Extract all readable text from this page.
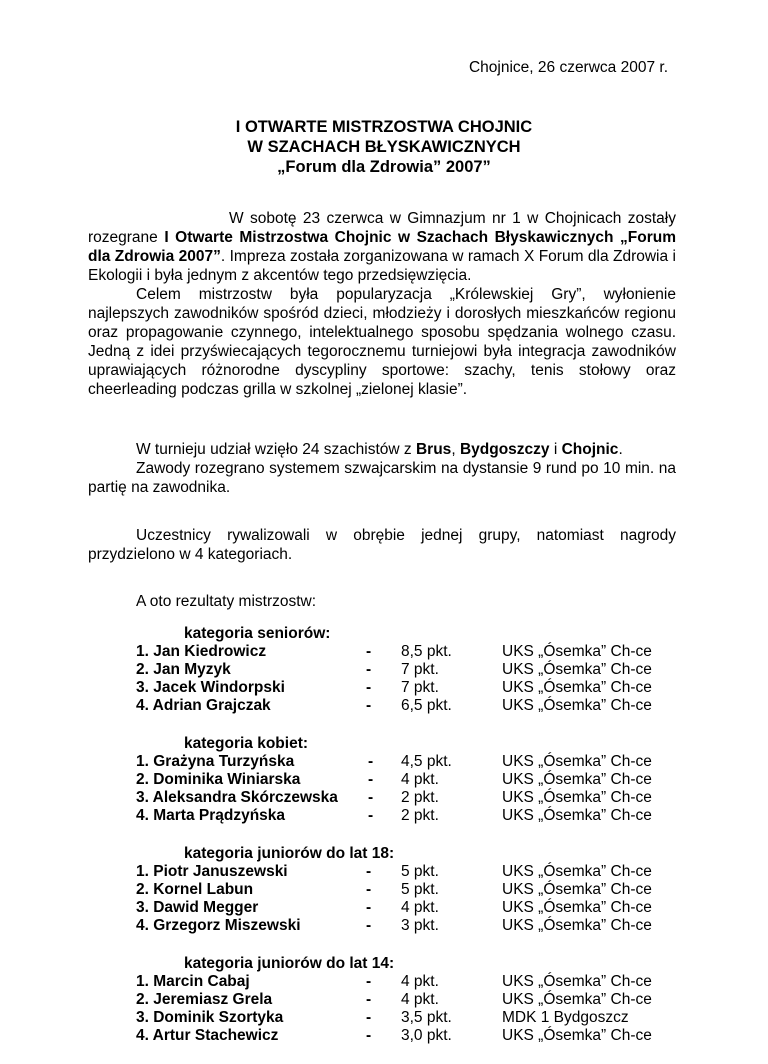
Chojnice, 26 czerwca 2007 r.
I OTWARTE MISTRZOSTWA CHOJNIC
W SZACHACH BŁYSKAWICZNYCH
„Forum dla Zdrowia” 2007”

W sobotę 23 czerwca w Gimnazjum nr 1 w Chojnicach zostały rozegrane I Otwarte Mistrzostwa Chojnic w Szachach Błyskawicznych „Forum dla Zdrowia 2007”. Impreza została zorganizowana w ramach X Forum dla Zdrowia i Ekologii i była jednym z akcentów tego przedsięwzięcia.

Celem mistrzostw była popularyzacja „Królewskiej Gry”, wyłonienie najlepszych zawodników spośród dzieci, młodzieży i dorosłych mieszkańców regionu oraz propagowanie czynnego, intelektualnego sposobu spędzania wolnego czasu. Jedną z idei przyświecających tegorocznemu turniejowi była integracja zawodników uprawiających różnorodne dyscypliny sportowe: szachy, tenis stołowy oraz cheerleading podczas grilla w szkolnej „zielonej klasie”.

W turnieju udział wzięło 24 szachistów z Brus, Bydgoszczy i Chojnic.

Zawody rozegrano systemem szwajcarskim na dystansie 9 rund po 10 min. na partię na zawodnika.

Uczestnicy rywalizowali w obrębie jednej grupy, natomiast nagrody przydzielono w 4 kategoriach.

A oto rezultaty mistrzostw:
kategoria seniorów:
1. Jan Kiedrowicz	- 8,5 pkt.	UKS „Ósemka” Ch-ce
2. Jan Myzyk	- 7 pkt.	UKS „Ósemka” Ch-ce
3. Jacek Windorpski	- 7 pkt.	UKS „Ósemka” Ch-ce
4. Adrian Grajczak	- 6,5 pkt.	UKS „Ósemka” Ch-ce
kategoria kobiet:
1. Grażyna Turzyńska	- 4,5 pkt.	UKS „Ósemka” Ch-ce
2. Dominika Winiarska	- 4 pkt.	UKS „Ósemka” Ch-ce
3. Aleksandra Skórczewska - 2 pkt.	UKS „Ósemka” Ch-ce
4. Marta Prądzyńska	- 2 pkt.	UKS „Ósemka” Ch-ce
kategoria juniorów do lat 18:
1. Piotr Januszewski	- 5 pkt.	UKS „Ósemka” Ch-ce
2. Kornel Labun	- 5 pkt.	UKS „Ósemka” Ch-ce
3. Dawid Megger	- 4 pkt.	UKS „Ósemka” Ch-ce
4. Grzegorz Miszewski	- 3 pkt.	UKS „Ósemka” Ch-ce
kategoria juniorów do lat 14:
1. Marcin Cabaj	- 4 pkt.	UKS „Ósemka” Ch-ce
2. Jeremiasz Grela	- 4 pkt.	UKS „Ósemka” Ch-ce
3. Dominik Szortyka	- 3,5 pkt.	MDK 1 Bydgoszcz
4. Artur Stachewicz	- 3,0 pkt.	UKS „Ósemka” Ch-ce
